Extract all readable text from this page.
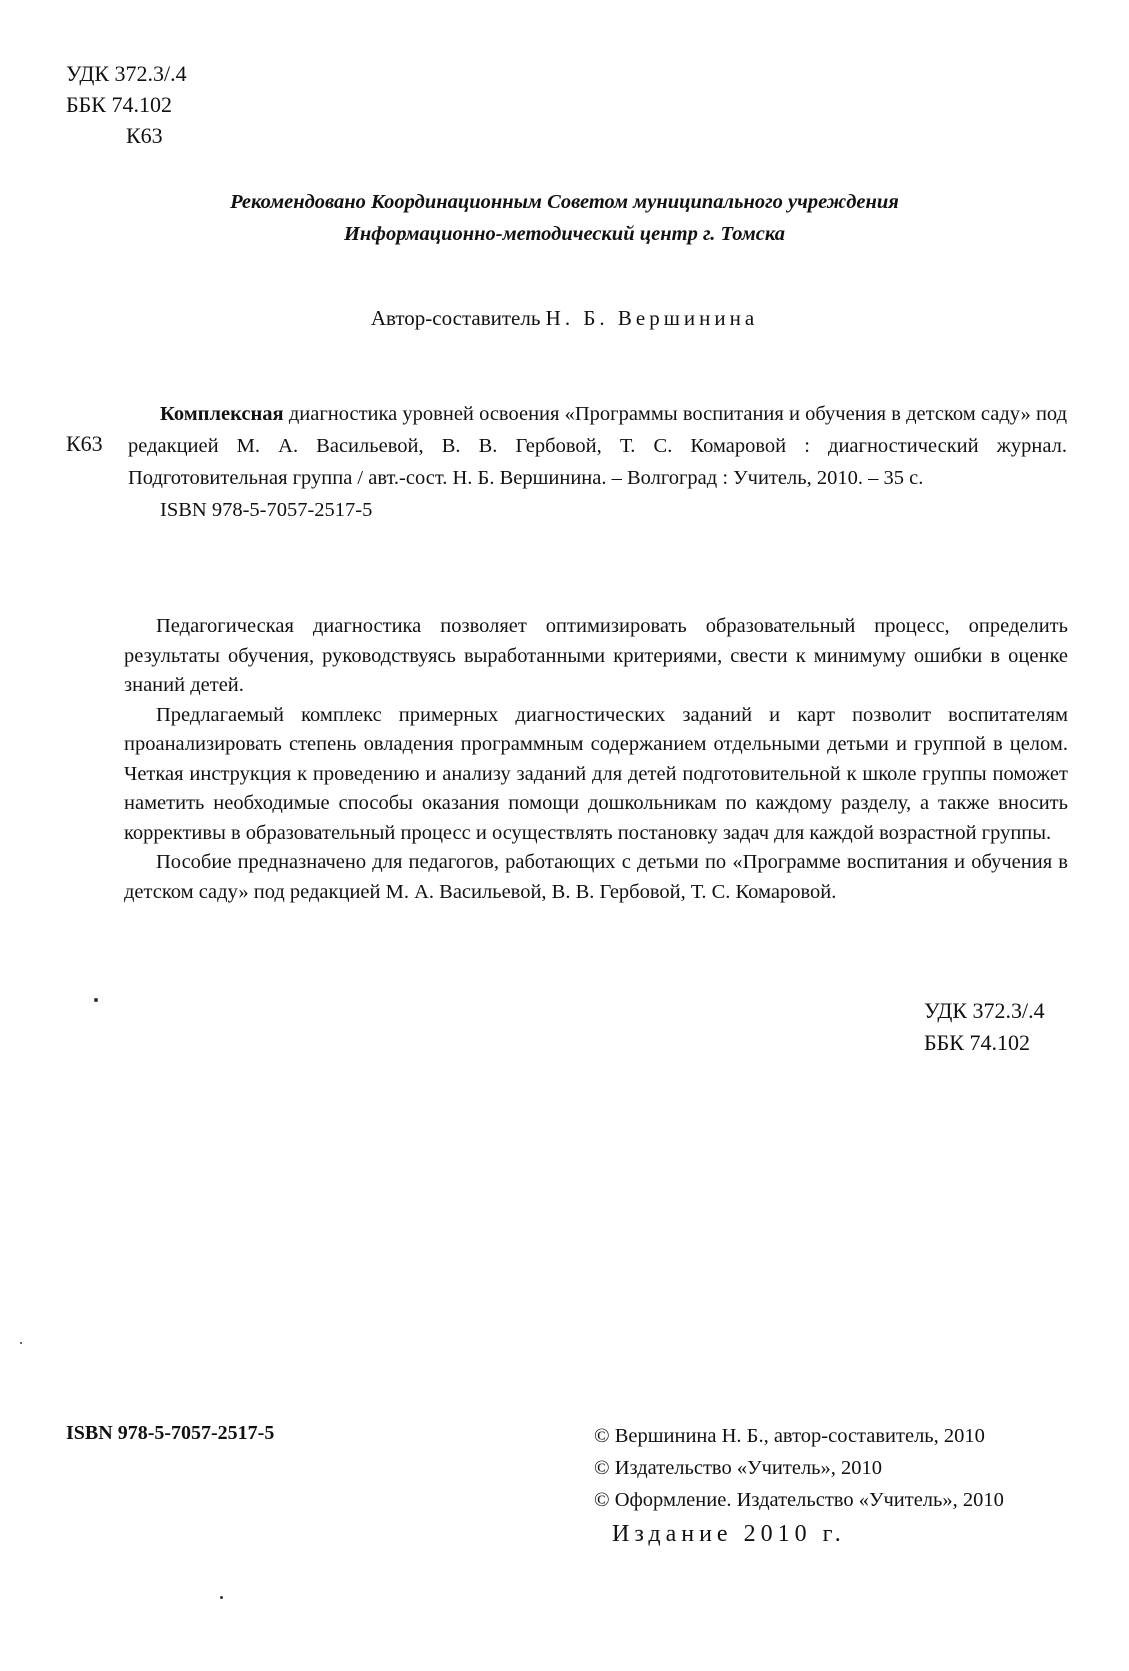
УДК 372.3/.4
ББК 74.102
К63
Рекомендовано Координационным Советом муниципального учреждения
Информационно-методический центр г. Томска
Автор-составитель Н. Б. Вершинина
К63

Комплексная диагностика уровней освоения «Программы воспитания и обучения в детском саду» под редакцией М. А. Васильевой, В. В. Гербовой, Т. С. Комаровой : диагностический журнал. Подготовительная группа / авт.-сост. Н. Б. Вершинина. – Волгоград : Учитель, 2010. – 35 с.

ISBN 978-5-7057-2517-5

Педагогическая диагностика позволяет оптимизировать образовательный процесс, определить результаты обучения, руководствуясь выработанными критериями, свести к минимуму ошибки в оценке знаний детей.

Предлагаемый комплекс примерных диагностических заданий и карт позволит воспитателям проанализировать степень овладения программным содержанием отдельными детьми и группой в целом. Четкая инструкция к проведению и анализу заданий для детей подготовительной к школе группы поможет наметить необходимые способы оказания помощи дошкольникам по каждому разделу, а также вносить коррективы в образовательный процесс и осуществлять постановку задач для каждой возрастной группы.

Пособие предназначено для педагогов, работающих с детьми по «Программе воспитания и обучения в детском саду» под редакцией М. А. Васильевой, В. В. Гербовой, Т. С. Комаровой.

УДК 372.3/.4
ББК 74.102
ISBN 978-5-7057-2517-5	© Вершинина Н. Б., автор-составитель, 2010
© Издательство «Учитель», 2010
© Оформление. Издательство «Учитель», 2010
Издание 2010 г.
